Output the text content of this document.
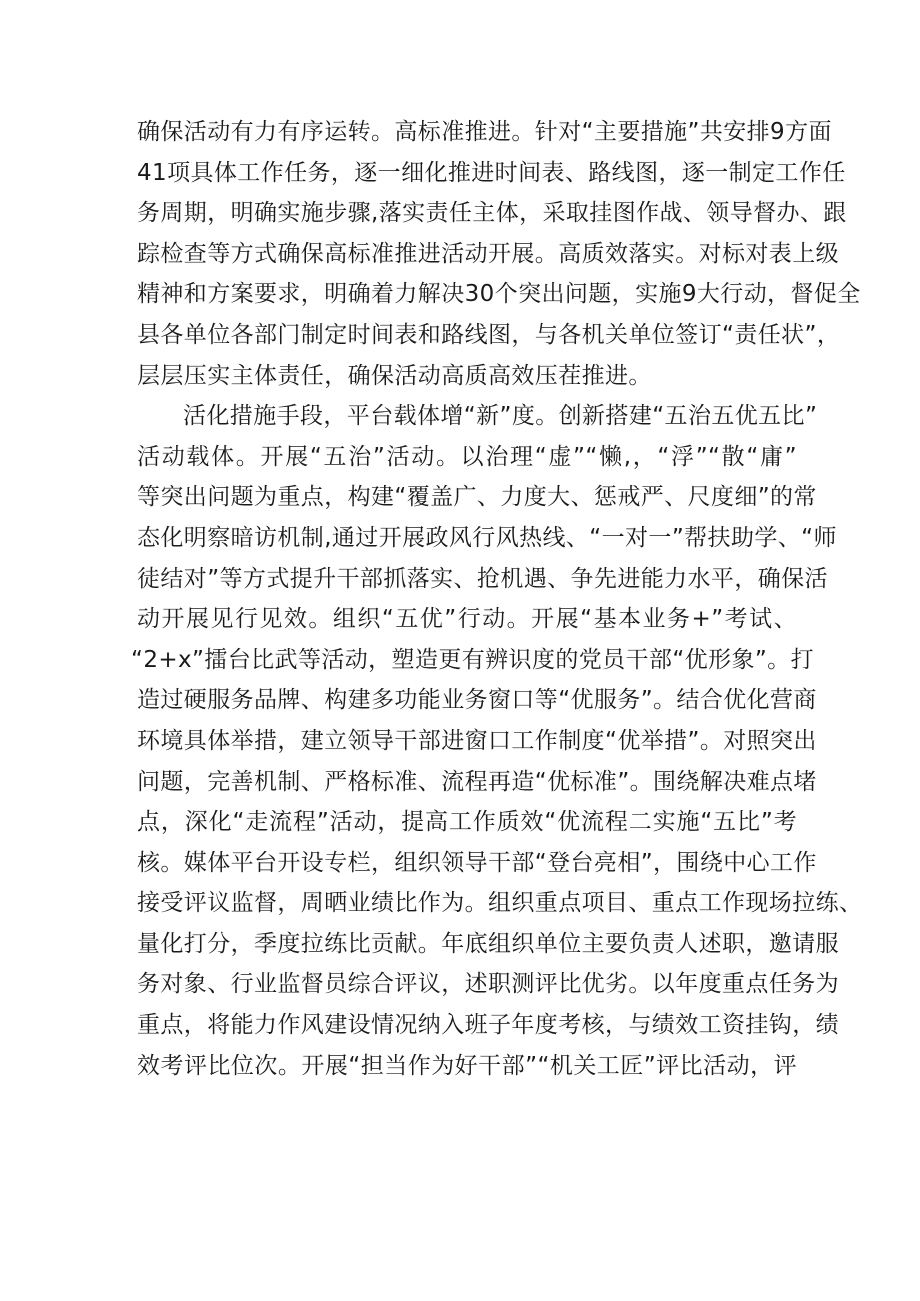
确保活动有力有序运转。高标准推进。针对“主要措施”共安排9方面
41项具体工作任务，逐一细化推进时间表、路线图，逐一制定工作任
务周期，明确实施步骤,落实责任主体，采取挂图作战、领导督办、跟
踪检查等方式确保高标准推进活动开展。高质效落实。对标对表上级
精神和方案要求，明确着力解决30个突出问题，实施9大行动，督促全
县各单位各部门制定时间表和路线图，与各机关单位签订“责任状”，
层层压实主体责任，确保活动高质高效压茬推进。
活化措施手段，平台载体增“新”度。创新搭建“五治五优五比”
活动载体。开展“五治”活动。以治理“虚”“懒,，“浮”“散“庸”
等突出问题为重点，构建“覆盖广、力度大、惩戒严、尺度细”的常
态化明察暗访机制,通过开展政风行风热线、“一对一”帮扶助学、“师
徒结对”等方式提升干部抓落实、抢机遇、争先进能力水平，确保活
动开展见行见效。组织“五优”行动。开展“基本业务+”考试、
“2+x”擂台比武等活动，塑造更有辨识度的党员干部“优形象”。打
造过硬服务品牌、构建多功能业务窗口等“优服务”。结合优化营商
环境具体举措，建立领导干部进窗口工作制度“优举措”。对照突出
问题，完善机制、严格标准、流程再造“优标准”。围绕解决难点堵
点，深化“走流程”活动，提高工作质效“优流程二实施“五比”考
核。媒体平台开设专栏，组织领导干部“登台亮相”，围绕中心工作
接受评议监督，周晒业绩比作为。组织重点项目、重点工作现场拉练、
量化打分，季度拉练比贡献。年底组织单位主要负责人述职，邀请服
务对象、行业监督员综合评议，述职测评比优劣。以年度重点任务为
重点，将能力作风建设情况纳入班子年度考核，与绩效工资挂钩，绩
效考评比位次。开展“担当作为好干部”“机关工匠”评比活动，评
